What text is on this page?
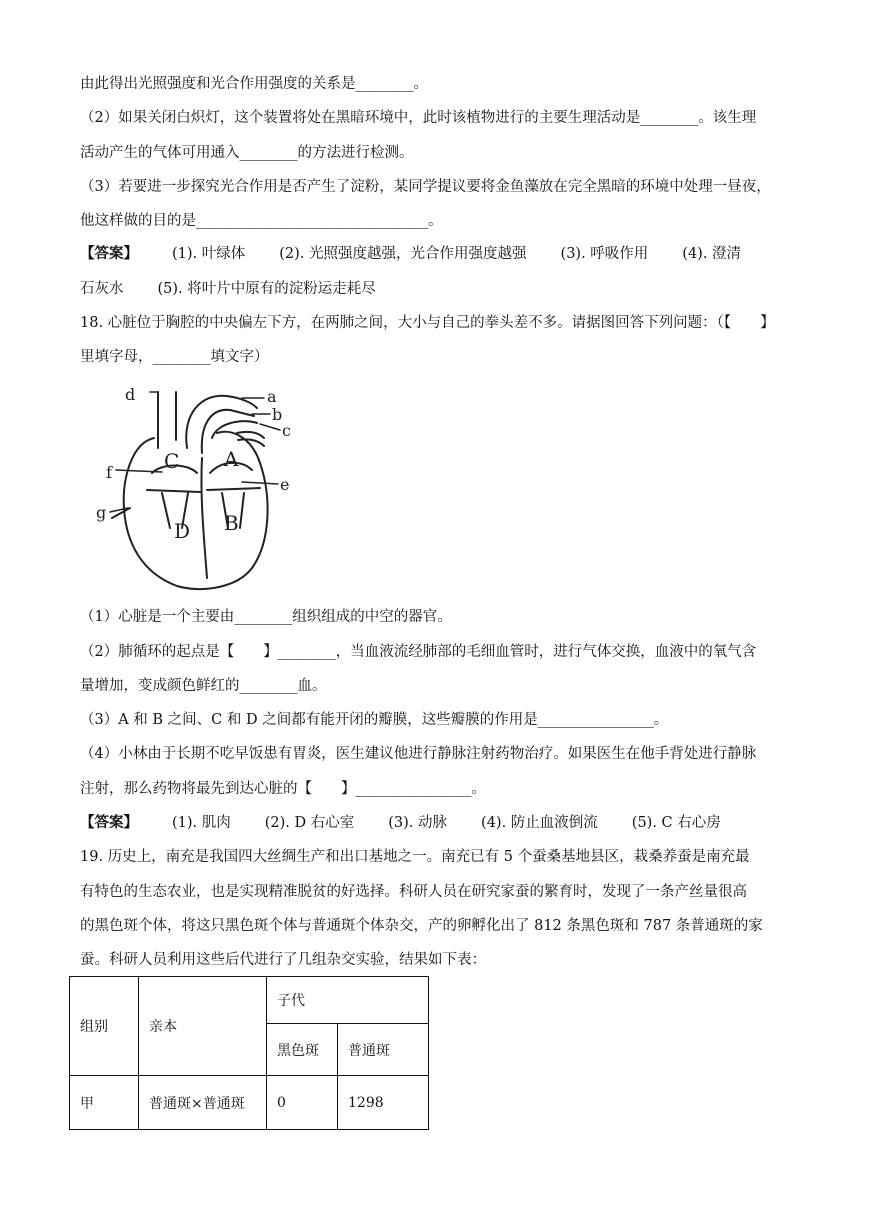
由此得出光照强度和光合作用强度的关系是________。
（2）如果关闭白炽灯，这个装置将处在黑暗环境中，此时该植物进行的主要生理活动是________。该生理
活动产生的气体可用通入________的方法进行检测。
（3）若要进一步探究光合作用是否产生了淀粉，某同学提议要将金鱼藻放在完全黑暗的环境中处理一昼夜，
他这样做的目的是________________________________。
【答案】 (1). 叶绿体 (2). 光照强度越强，光合作用强度越强 (3). 呼吸作用 (4). 澄清
石灰水 (5). 将叶片中原有的淀粉运走耗尽
18. 心脏位于胸腔的中央偏左下方，在两肺之间，大小与自己的拳头差不多。请据图回答下列问题：（【　　】
里填字母，________填文字）
d	a
b
c
f
e
g
C A
D B
（1）心脏是一个主要由________组织组成的中空的器官。
（2）肺循环的起点是【　　】________，当血液流经肺部的毛细血管时，进行气体交换，血液中的氧气含
量增加，变成颜色鲜红的________血。
（3）A 和 B 之间、C 和 D 之间都有能开闭的瓣膜，这些瓣膜的作用是________________。
（4）小林由于长期不吃早饭患有胃炎，医生建议他进行静脉注射药物治疗。如果医生在他手背处进行静脉
注射，那么药物将最先到达心脏的【　　】________________。
【答案】 (1). 肌肉 (2). D 右心室 (3). 动脉 (4). 防止血液倒流 (5). C 右心房
19. 历史上，南充是我国四大丝绸生产和出口基地之一。南充已有 5 个蚕桑基地县区，栽桑养蚕是南充最
有特色的生态农业，也是实现精准脱贫的好选择。科研人员在研究家蚕的繁育时，发现了一条产丝量很高
的黑色斑个体，将这只黑色斑个体与普通斑个体杂交，产的卵孵化出了 812 条黑色斑和 787 条普通斑的家
蚕。科研人员利用这些后代进行了几组杂交实验，结果如下表：
组别	亲本	子代	
		黑色斑	普通斑
甲	普通斑×普通斑	0	1298
